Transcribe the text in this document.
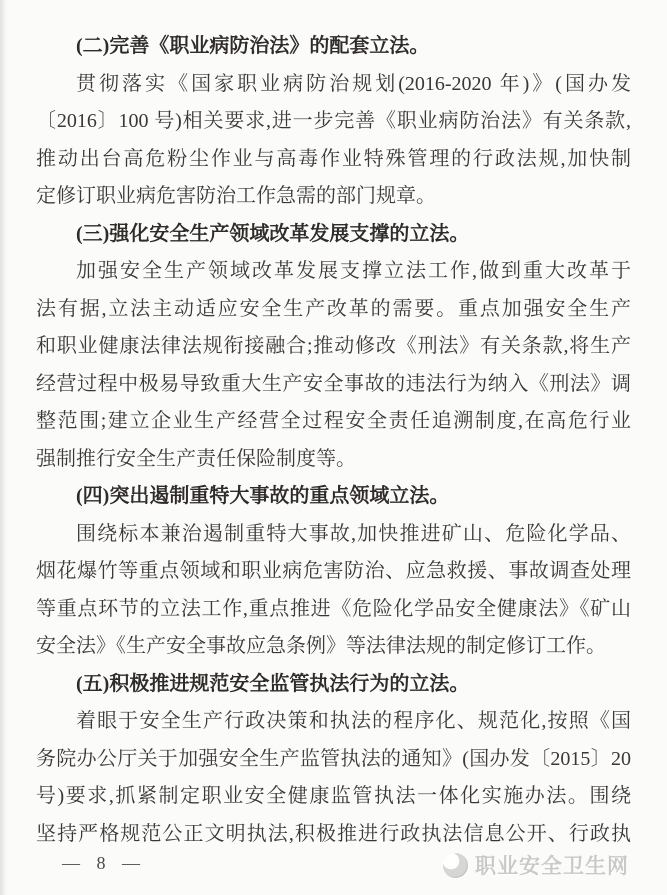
(二)完善《职业病防治法》的配套立法。
贯彻落实《国家职业病防治规划(2016-2020 年)》(国办发
〔2016〕100 号)相关要求,进一步完善《职业病防治法》有关条款,
推动出台高危粉尘作业与高毒作业特殊管理的行政法规,加快制
定修订职业病危害防治工作急需的部门规章。
(三)强化安全生产领域改革发展支撑的立法。
加强安全生产领域改革发展支撑立法工作,做到重大改革于
法有据,立法主动适应安全生产改革的需要。重点加强安全生产
和职业健康法律法规衔接融合;推动修改《刑法》有关条款,将生产
经营过程中极易导致重大生产安全事故的违法行为纳入《刑法》调
整范围;建立企业生产经营全过程安全责任追溯制度,在高危行业
强制推行安全生产责任保险制度等。
(四)突出遏制重特大事故的重点领域立法。
围绕标本兼治遏制重特大事故,加快推进矿山、危险化学品、
烟花爆竹等重点领域和职业病危害防治、应急救援、事故调查处理
等重点环节的立法工作,重点推进《危险化学品安全健康法》《矿山
安全法》《生产安全事故应急条例》等法律法规的制定修订工作。
(五)积极推进规范安全监管执法行为的立法。
着眼于安全生产行政决策和执法的程序化、规范化,按照《国
务院办公厅关于加强安全生产监管执法的通知》(国办发〔2015〕20
号)要求,抓紧制定职业安全健康监管执法一体化实施办法。围绕
坚持严格规范公正文明执法,积极推进行政执法信息公开、行政执
— 8 —	职业安全卫生网
